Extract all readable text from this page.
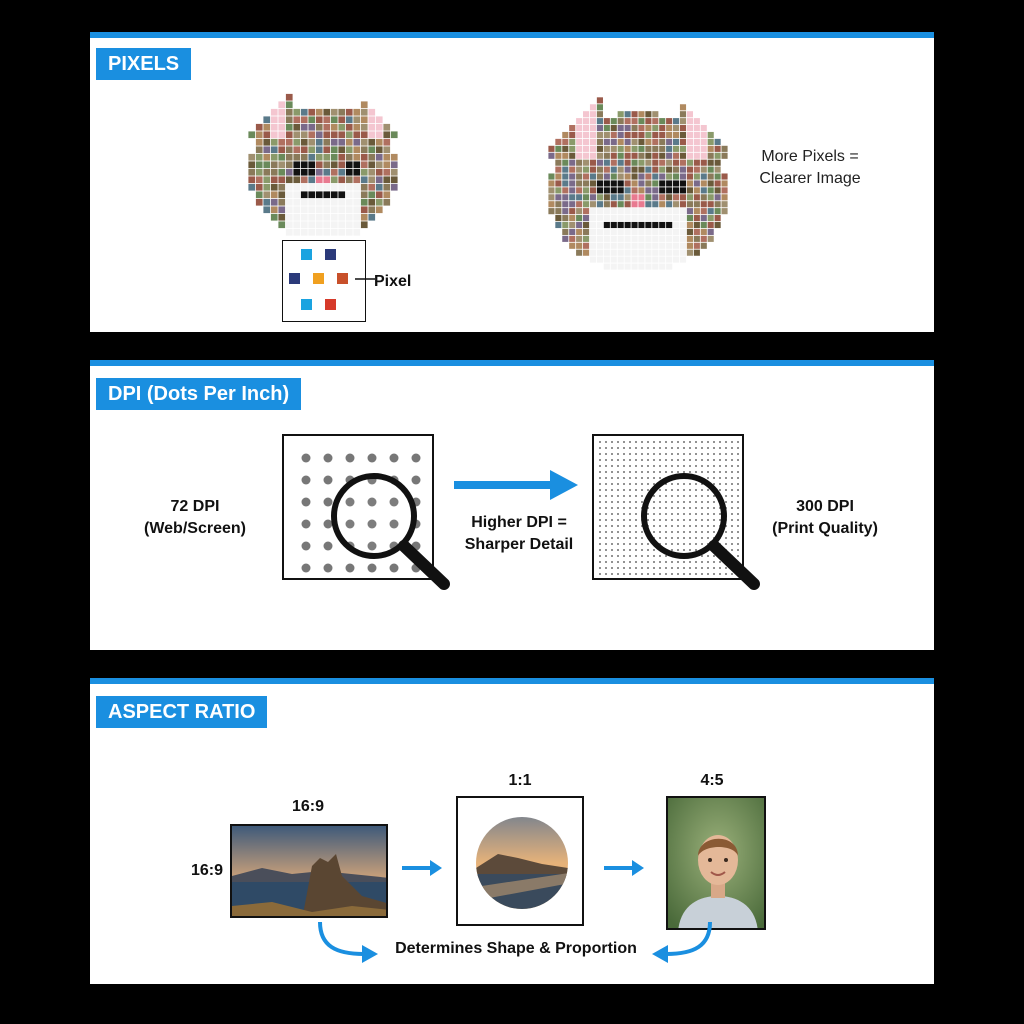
PIXELS
Pixel
More Pixels =
Clearer Image
DPI (Dots Per Inch)
72 DPI
(Web/Screen)	Higher DPI =
Sharper Detail
300 DPI
(Print Quality)
ASPECT RATIO
16:9
16:9
1:1	4:5
Determines Shape & Proportion
